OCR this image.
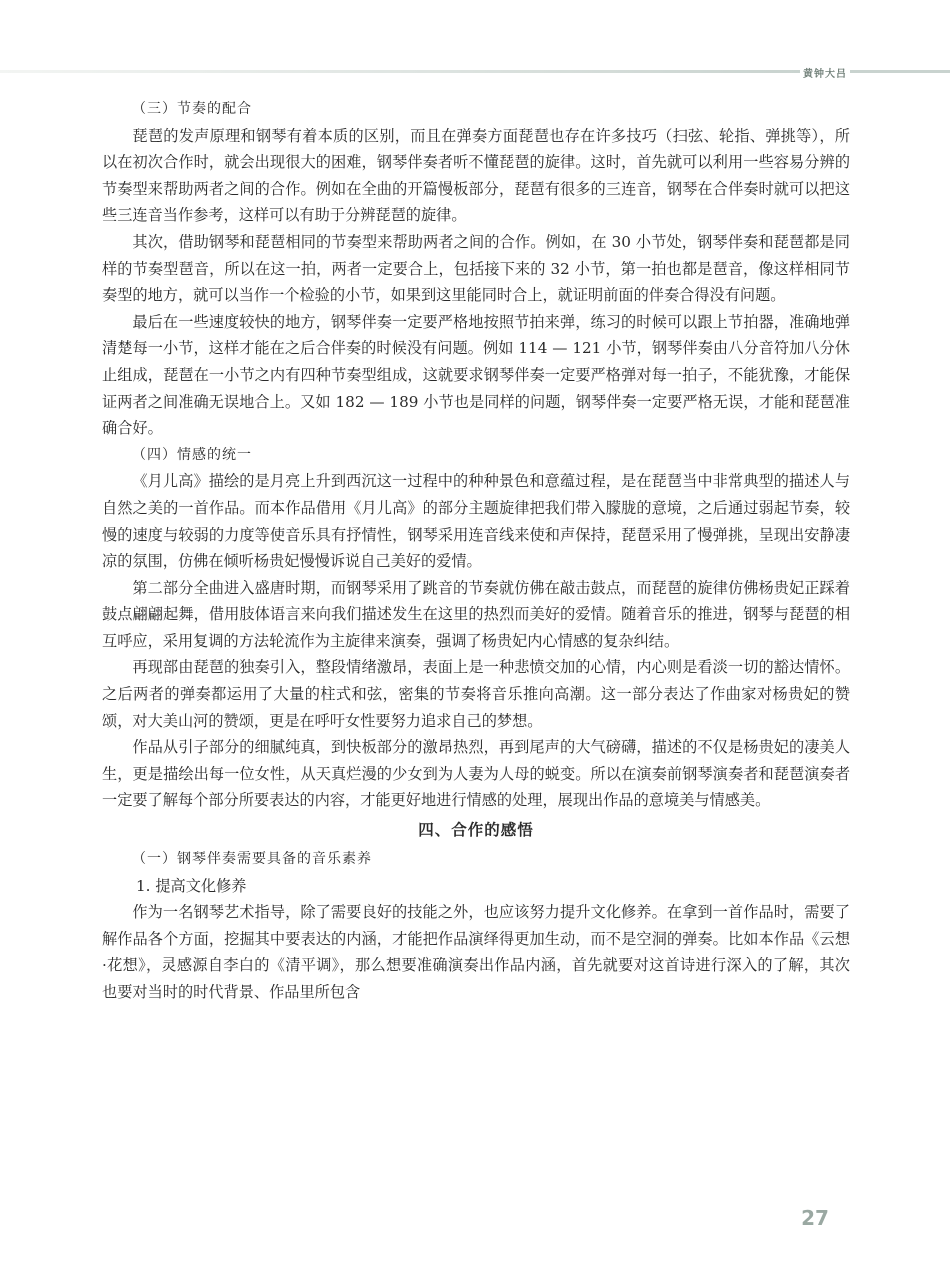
黄钟大吕

（三）节奏的配合

琵琶的发声原理和钢琴有着本质的区别，而且在弹奏方面琵琶也存在许多技巧（扫弦、轮指、弹挑等），所以在初次合作时，就会出现很大的困难，钢琴伴奏者听不懂琵琶的旋律。这时，首先就可以利用一些容易分辨的节奏型来帮助两者之间的合作。例如在全曲的开篇慢板部分，琵琶有很多的三连音，钢琴在合伴奏时就可以把这些三连音当作参考，这样可以有助于分辨琵琶的旋律。

其次，借助钢琴和琵琶相同的节奏型来帮助两者之间的合作。例如，在 30 小节处，钢琴伴奏和琵琶都是同样的节奏型琶音，所以在这一拍，两者一定要合上，包括接下来的 32 小节，第一拍也都是琶音，像这样相同节奏型的地方，就可以当作一个检验的小节，如果到这里能同时合上，就证明前面的伴奏合得没有问题。

最后在一些速度较快的地方，钢琴伴奏一定要严格地按照节拍来弹，练习的时候可以跟上节拍器，准确地弹清楚每一小节，这样才能在之后合伴奏的时候没有问题。例如 114 — 121 小节，钢琴伴奏由八分音符加八分休止组成，琵琶在一小节之内有四种节奏型组成，这就要求钢琴伴奏一定要严格弹对每一拍子，不能犹豫，才能保证两者之间准确无误地合上。又如 182 — 189 小节也是同样的问题，钢琴伴奏一定要严格无误，才能和琵琶准确合好。

（四）情感的统一

《月儿高》描绘的是月亮上升到西沉这一过程中的种种景色和意蕴过程，是在琵琶当中非常典型的描述人与自然之美的一首作品。而本作品借用《月儿高》的部分主题旋律把我们带入朦胧的意境，之后通过弱起节奏，较慢的速度与较弱的力度等使音乐具有抒情性，钢琴采用连音线来使和声保持，琵琶采用了慢弹挑，呈现出安静凄凉的氛围，仿佛在倾听杨贵妃慢慢诉说自己美好的爱情。

第二部分全曲进入盛唐时期，而钢琴采用了跳音的节奏就仿佛在敲击鼓点，而琵琶的旋律仿佛杨贵妃正踩着鼓点翩翩起舞，借用肢体语言来向我们描述发生在这里的热烈而美好的爱情。随着音乐的推进，钢琴与琵琶的相互呼应，采用复调的方法轮流作为主旋律来演奏，强调了杨贵妃内心情感的复杂纠结。

再现部由琵琶的独奏引入，整段情绪激昂，表面上是一种悲愤交加的心情，内心则是看淡一切的豁达情怀。之后两者的弹奏都运用了大量的柱式和弦，密集的节奏将音乐推向高潮。这一部分表达了作曲家对杨贵妃的赞颂，对大美山河的赞颂，更是在呼吁女性要努力追求自己的梦想。

作品从引子部分的细腻纯真，到快板部分的激昂热烈，再到尾声的大气磅礴，描述的不仅是杨贵妃的凄美人生，更是描绘出每一位女性，从天真烂漫的少女到为人妻为人母的蜕变。所以在演奏前钢琴演奏者和琵琶演奏者一定要了解每个部分所要表达的内容，才能更好地进行情感的处理，展现出作品的意境美与情感美。

四、合作的感悟

（一）钢琴伴奏需要具备的音乐素养

1. 提高文化修养

作为一名钢琴艺术指导，除了需要良好的技能之外，也应该努力提升文化修养。在拿到一首作品时，需要了解作品各个方面，挖掘其中要表达的内涵，才能把作品演绎得更加生动，而不是空洞的弹奏。比如本作品《云想·花想》，灵感源自李白的《清平调》，那么想要准确演奏出作品内涵，首先就要对这首诗进行深入的了解，其次也要对当时的时代背景、作品里所包含

27
